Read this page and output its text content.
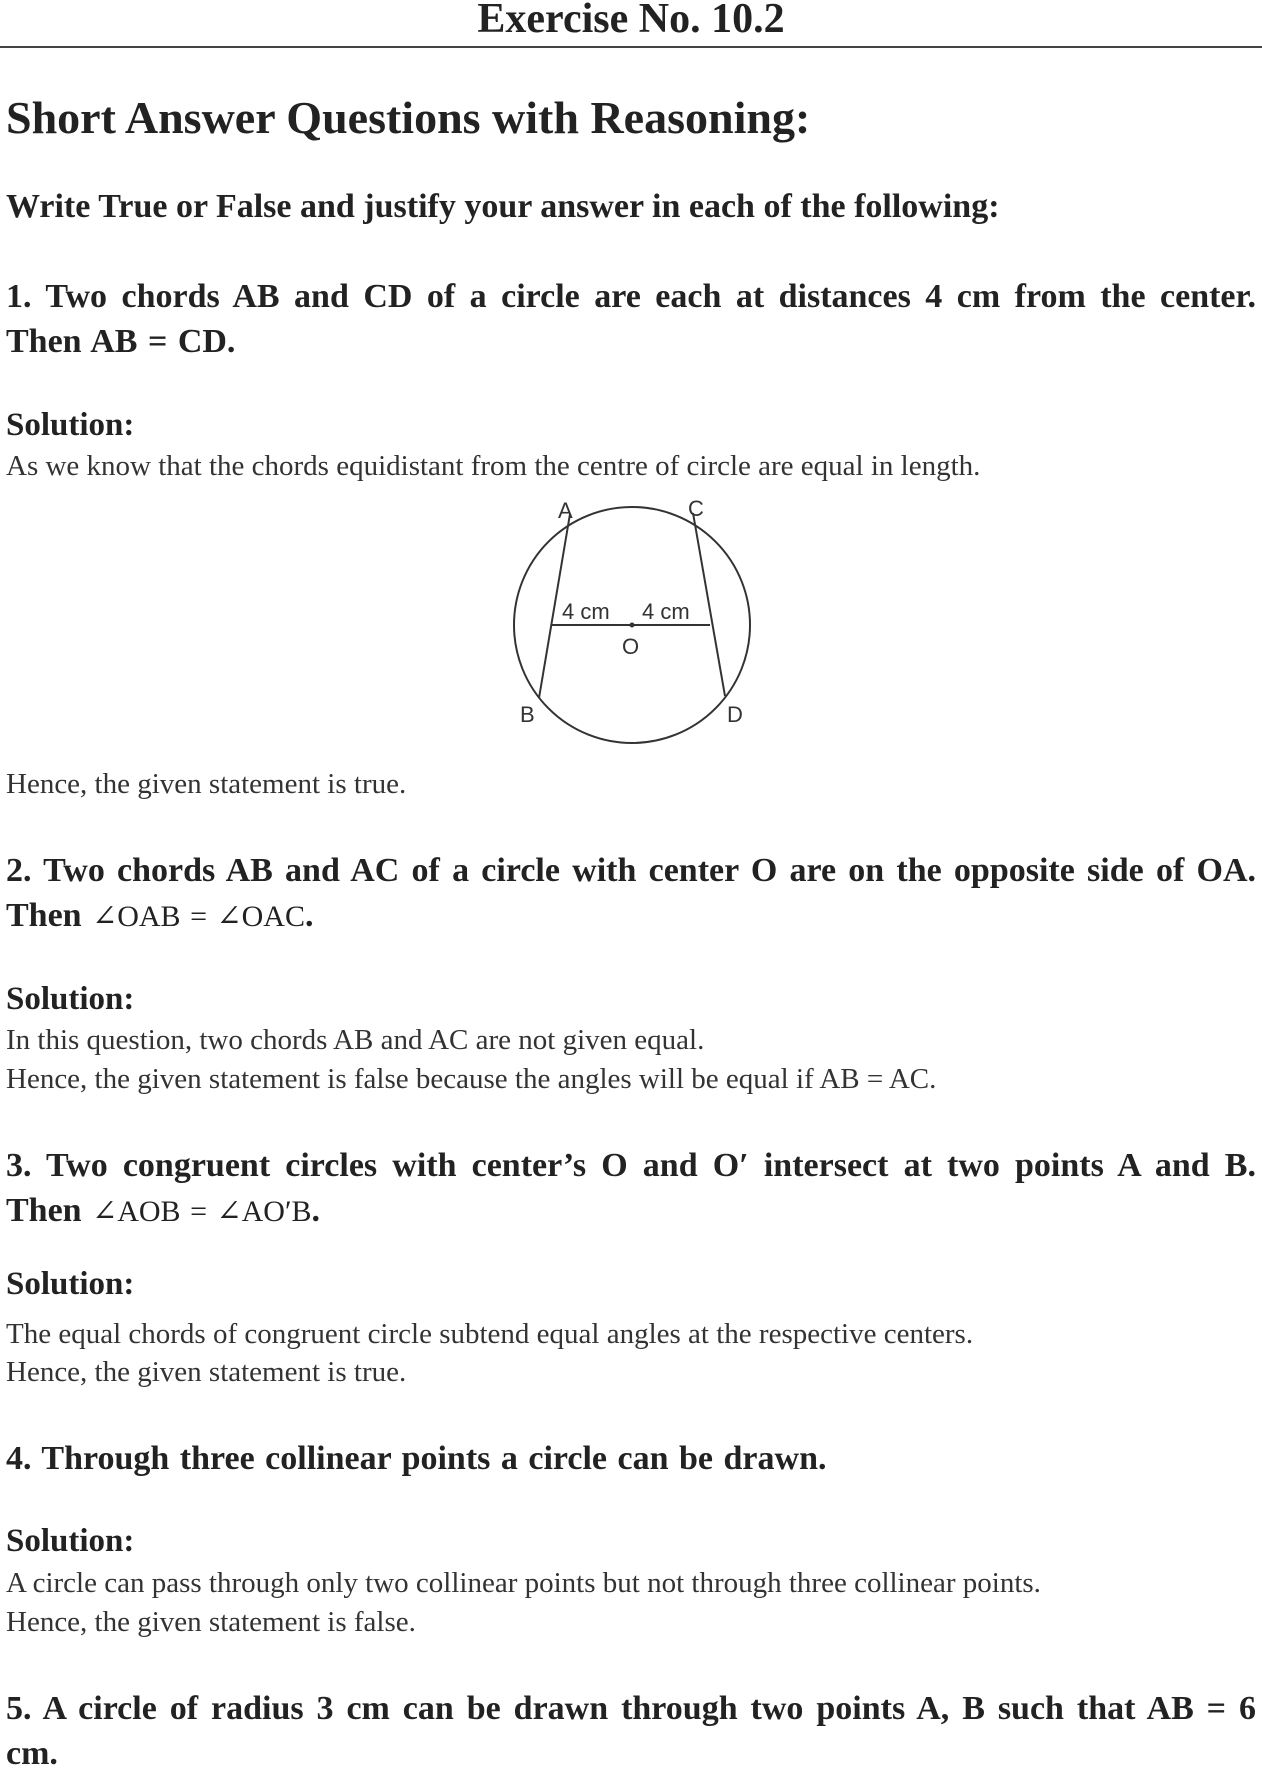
Exercise No. 10.2
Short Answer Questions with Reasoning:
Write True or False and justify your answer in each of the following:
1. Two chords AB and CD of a circle are each at distances 4 cm from the center. Then AB = CD.
Solution:
As we know that the chords equidistant from the centre of circle are equal in length.
A	C
B	D
O
4 cm 4 cm
Hence, the given statement is true.
2. Two chords AB and AC of a circle with center O are on the opposite side of OA. Then ∠OAB = ∠OAC.
Solution:
In this question, two chords AB and AC are not given equal.
Hence, the given statement is false because the angles will be equal if AB = AC.
3. Two congruent circles with center’s O and O′ intersect at two points A and B. Then ∠AOB = ∠AO′B.
Solution:
The equal chords of congruent circle subtend equal angles at the respective centers.
Hence, the given statement is true.
4. Through three collinear points a circle can be drawn.
Solution:
A circle can pass through only two collinear points but not through three collinear points.
Hence, the given statement is false.
5. A circle of radius 3 cm can be drawn through two points A, B such that AB = 6 cm.
